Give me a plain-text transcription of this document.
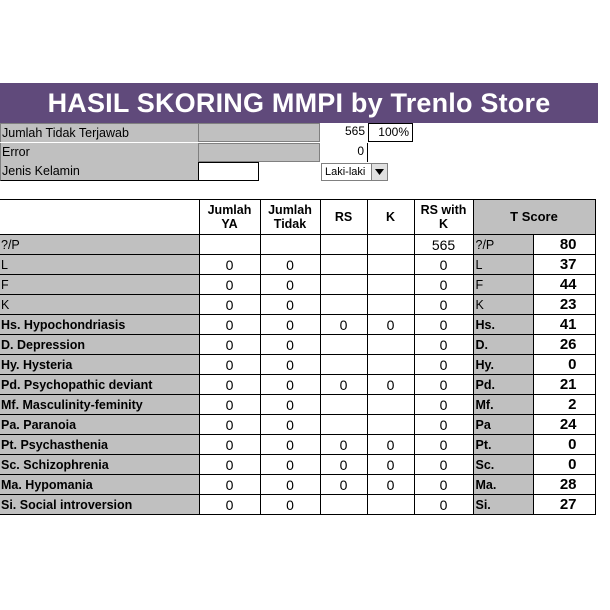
HASIL SKORING MMPI by Trenlo Store
Jumlah Tidak Terjawab	565	100%
Error	0
Jenis Kelamin	Laki-laki
	Jumlah YA	Jumlah Tidak	RS	K	RS with K	T Score	
?/P					565	?/P	80
L	0	0			0	L	37
F	0	0			0	F	44
K	0	0			0	K	23
Hs. Hypochondriasis	0	0	0	0	0	Hs.	41
D. Depression	0	0			0	D.	26
Hy. Hysteria	0	0			0	Hy.	0
Pd. Psychopathic deviant	0	0	0	0	0	Pd.	21
Mf. Masculinity-feminity	0	0			0	Mf.	2
Pa. Paranoia	0	0			0	Pa	24
Pt. Psychasthenia	0	0	0	0	0	Pt.	0
Sc. Schizophrenia	0	0	0	0	0	Sc.	0
Ma. Hypomania	0	0	0	0	0	Ma.	28
Si. Social introversion	0	0			0	Si.	27
